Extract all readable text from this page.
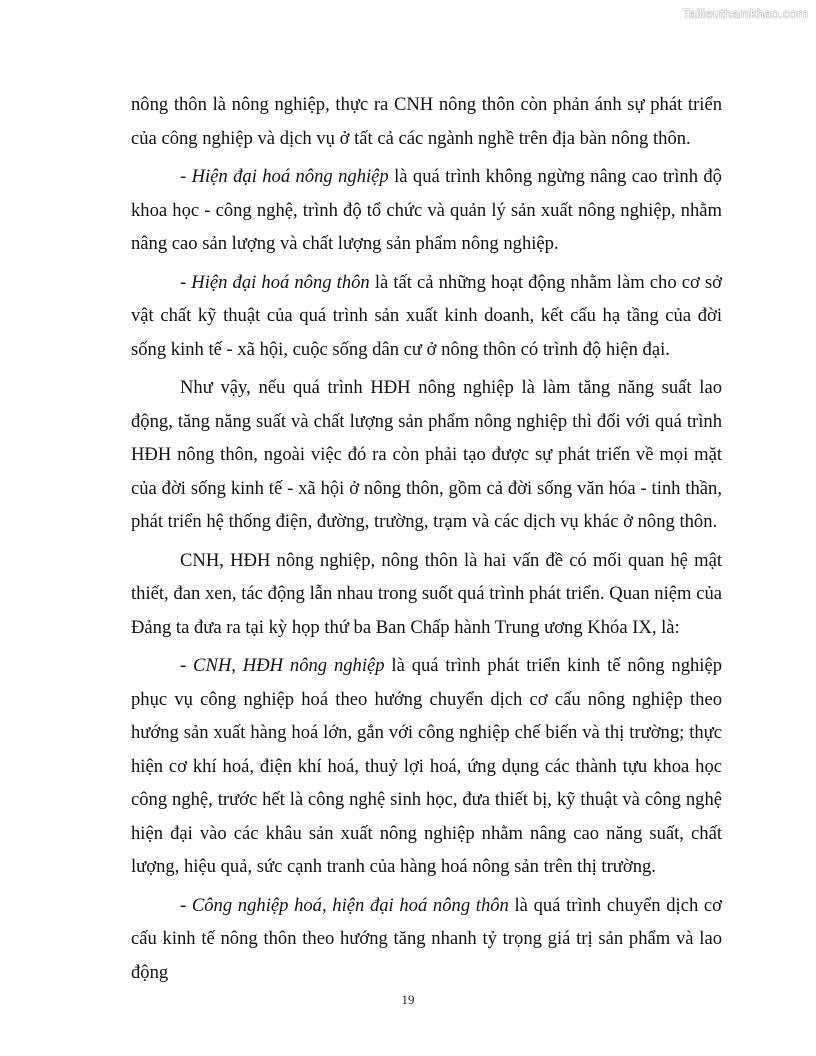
Tailieuthamkhao.com

nông thôn là nông nghiệp, thực ra CNH nông thôn còn phản ánh sự phát triển của công nghiệp và dịch vụ ở tất cả các ngành nghề trên địa bàn nông thôn.

- Hiện đại hoá nông nghiệp là quá trình không ngừng nâng cao trình độ khoa học - công nghệ, trình độ tổ chức và quản lý sản xuất nông nghiệp, nhằm nâng cao sản lượng và chất lượng sản phẩm nông nghiệp.

- Hiện đại hoá nông thôn là tất cả những hoạt động nhằm làm cho cơ sở vật chất kỹ thuật của quá trình sản xuất kinh doanh, kết cấu hạ tầng của đời sống kinh tế - xã hội, cuộc sống dân cư ở nông thôn có trình độ hiện đại.

Như vậy, nếu quá trình HĐH nông nghiệp là làm tăng năng suất lao động, tăng năng suất và chất lượng sản phẩm nông nghiệp thì đối với quá trình HĐH nông thôn, ngoài việc đó ra còn phải tạo được sự phát triển về mọi mặt của đời sống kinh tế - xã hội ở nông thôn, gồm cả đời sống văn hóa - tinh thần, phát triển hệ thống điện, đường, trường, trạm và các dịch vụ khác ở nông thôn.

CNH, HĐH nông nghiệp, nông thôn là hai vấn đề có mối quan hệ mật thiết, đan xen, tác động lẫn nhau trong suốt quá trình phát triển. Quan niệm của Đảng ta đưa ra tại kỳ họp thứ ba Ban Chấp hành Trung ương Khóa IX, là:

- CNH, HĐH nông nghiệp là quá trình phát triển kinh tế nông nghiệp phục vụ công nghiệp hoá theo hướng chuyển dịch cơ cấu nông nghiệp theo hướng sản xuất hàng hoá lớn, gắn với công nghiệp chế biến và thị trường; thực hiện cơ khí hoá, điện khí hoá, thuỷ lợi hoá, ứng dụng các thành tựu khoa học công nghệ, trước hết là công nghệ sinh học, đưa thiết bị, kỹ thuật và công nghệ hiện đại vào các khâu sản xuất nông nghiệp nhằm nâng cao năng suất, chất lượng, hiệu quả, sức cạnh tranh của hàng hoá nông sản trên thị trường.

- Công nghiệp hoá, hiện đại hoá nông thôn là quá trình chuyển dịch cơ cấu kinh tế nông thôn theo hướng tăng nhanh tỷ trọng giá trị sản phẩm và lao động

19
